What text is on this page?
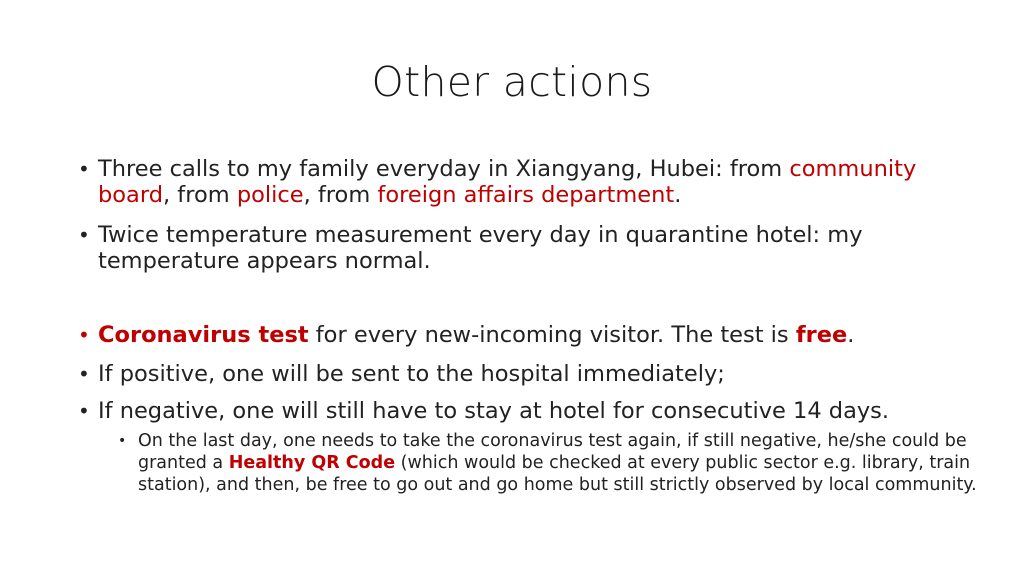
Other actions
• Three calls to my family everyday in Xiangyang, Hubei: from community board, from police, from foreign affairs department.
• Twice temperature measurement every day in quarantine hotel: my temperature appears normal.
• Coronavirus test for every new-incoming visitor. The test is free.
• If positive, one will be sent to the hospital immediately;
• If negative, one will still have to stay at hotel for consecutive 14 days.
• On the last day, one needs to take the coronavirus test again, if still negative, he/she could be granted a Healthy QR Code (which would be checked at every public sector e.g. library, train station), and then, be free to go out and go home but still strictly observed by local community.
